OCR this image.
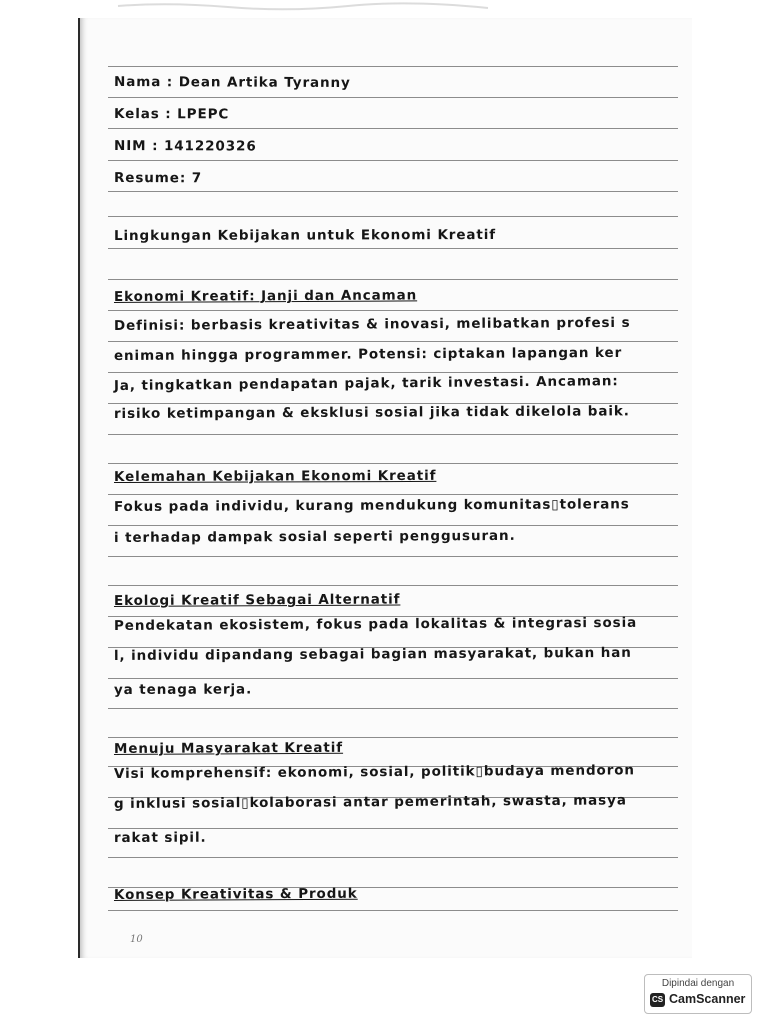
Nama : Dean Artika Tyranny
Kelas : LPEPC
NIM : 141220326
Resume: 7
Lingkungan Kebijakan untuk Ekonomi Kreatif
Ekonomi Kreatif: Janji dan Ancaman
Definisi: berbasis kreativitas & inovasi, melibatkan profesi s
eniman hingga programmer. Potensi: ciptakan lapangan ker
Ja, tingkatkan pendapatan pajak, tarik investasi. Ancaman:
risiko ketimpangan & eksklusi sosial jika tidak dikelola baik.
Kelemahan Kebijakan Ekonomi Kreatif
Fokus pada individu, kurang mendukung komunitas▯tolerans
i terhadap dampak sosial seperti penggusuran.
Ekologi Kreatif Sebagai Alternatif
Pendekatan ekosistem, fokus pada lokalitas & integrasi sosia
l, individu dipandang sebagai bagian masyarakat, bukan han
ya tenaga kerja.
Menuju Masyarakat Kreatif
Visi komprehensif: ekonomi, sosial, politik▯budaya mendoron
g inklusi sosial▯kolaborasi antar pemerintah, swasta, masya
rakat sipil.
Konsep Kreativitas & Produk
10
Dipindai dengan
CS CamScanner
